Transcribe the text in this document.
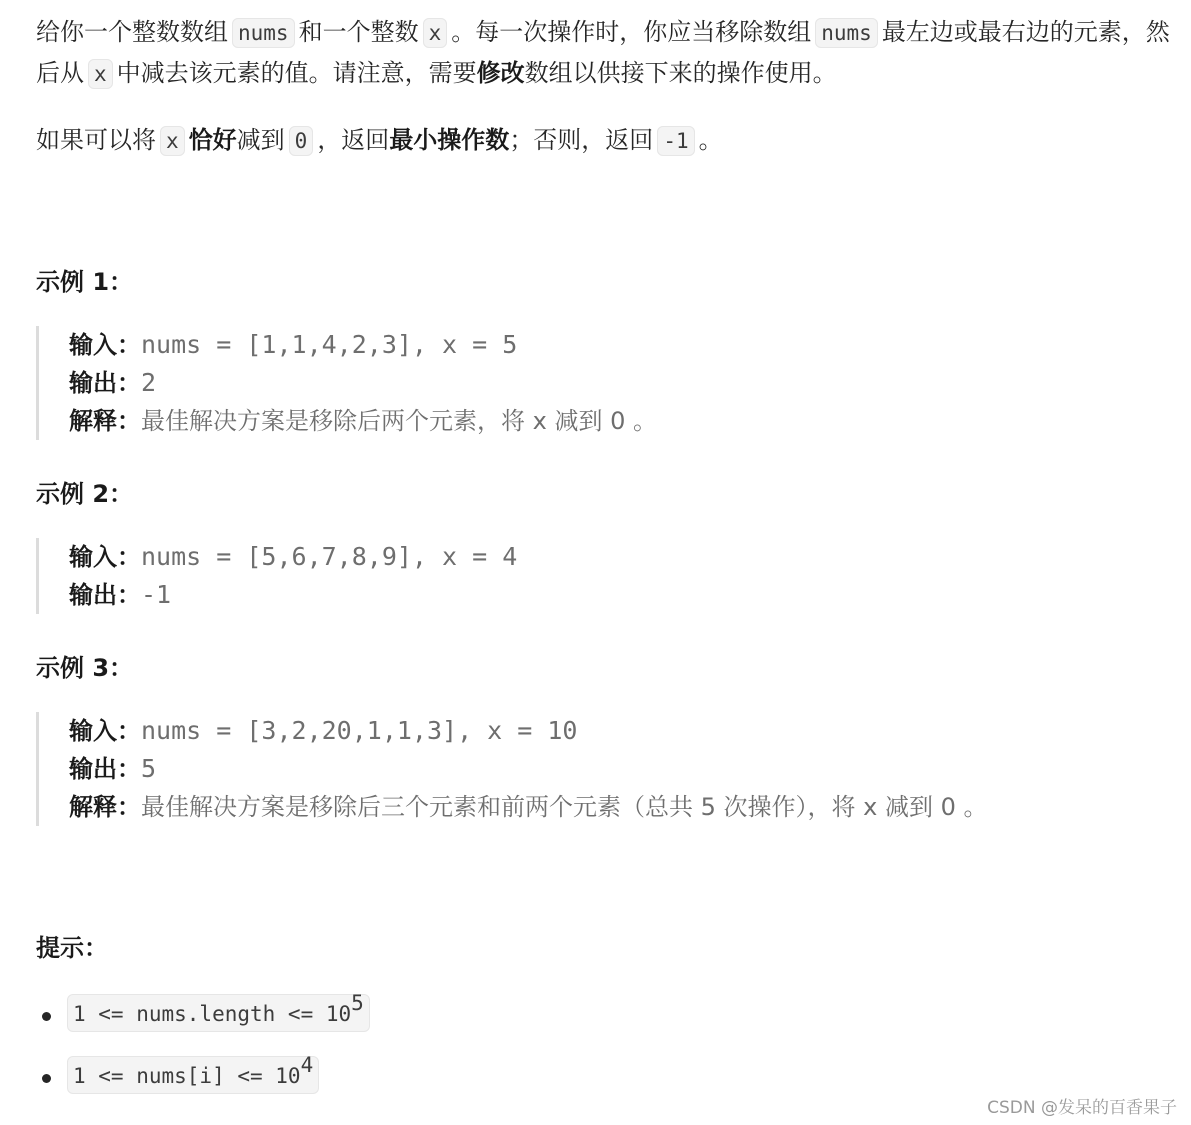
给你一个整数数组 nums 和一个整数 x 。每一次操作时，你应当移除数组 nums 最左边或最右边的元素，然后从 x 中减去该元素的值。请注意，需要修改数组以供接下来的操作使用。

如果可以将 x 恰好减到 0 ，返回最小操作数；否则，返回 -1 。

示例 1：

输入：nums = [1,1,4,2,3], x = 5
输出：2
解释：最佳解决方案是移除后两个元素，将 x 减到 0 。

示例 2：

输入：nums = [5,6,7,8,9], x = 4
输出：-1

示例 3：

输入：nums = [3,2,20,1,1,3], x = 10
输出：5
解释：最佳解决方案是移除后三个元素和前两个元素（总共 5 次操作），将 x 减到 0 。

提示：

1 <= nums.length <= $10^5$
1 <= nums[i] <= $10^4$
CSDN @发呆的百香果子
